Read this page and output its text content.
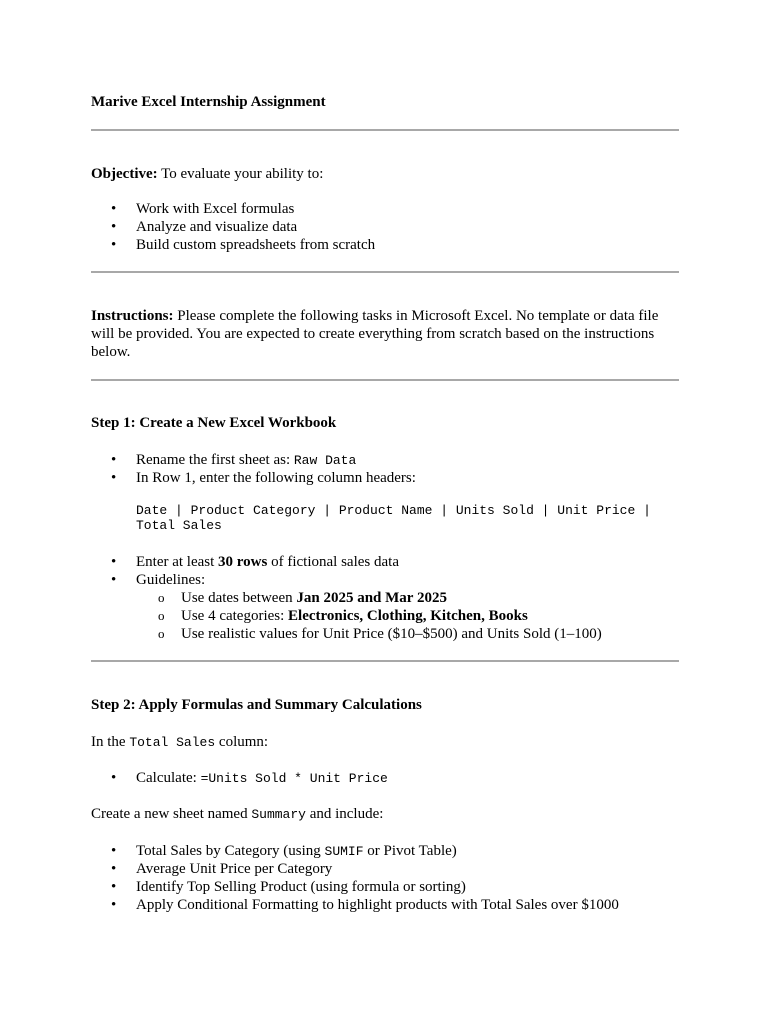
Marive Excel Internship Assignment
Objective: To evaluate your ability to:
• Work with Excel formulas
• Analyze and visualize data
• Build custom spreadsheets from scratch
Instructions: Please complete the following tasks in Microsoft Excel. No template or data file will be provided. You are expected to create everything from scratch based on the instructions below.
Step 1: Create a New Excel Workbook
• Rename the first sheet as: Raw Data
• In Row 1, enter the following column headers:
Date | Product Category | Product Name | Units Sold | Unit Price | Total Sales
• Enter at least 30 rows of fictional sales data
• Guidelines:
o Use dates between Jan 2025 and Mar 2025
o Use 4 categories: Electronics, Clothing, Kitchen, Books
o Use realistic values for Unit Price ($10–$500) and Units Sold (1–100)
Step 2: Apply Formulas and Summary Calculations
In the Total Sales column:
• Calculate: =Units Sold * Unit Price
Create a new sheet named Summary and include:
• Total Sales by Category (using SUMIF or Pivot Table)
• Average Unit Price per Category
• Identify Top Selling Product (using formula or sorting)
• Apply Conditional Formatting to highlight products with Total Sales over $1000
